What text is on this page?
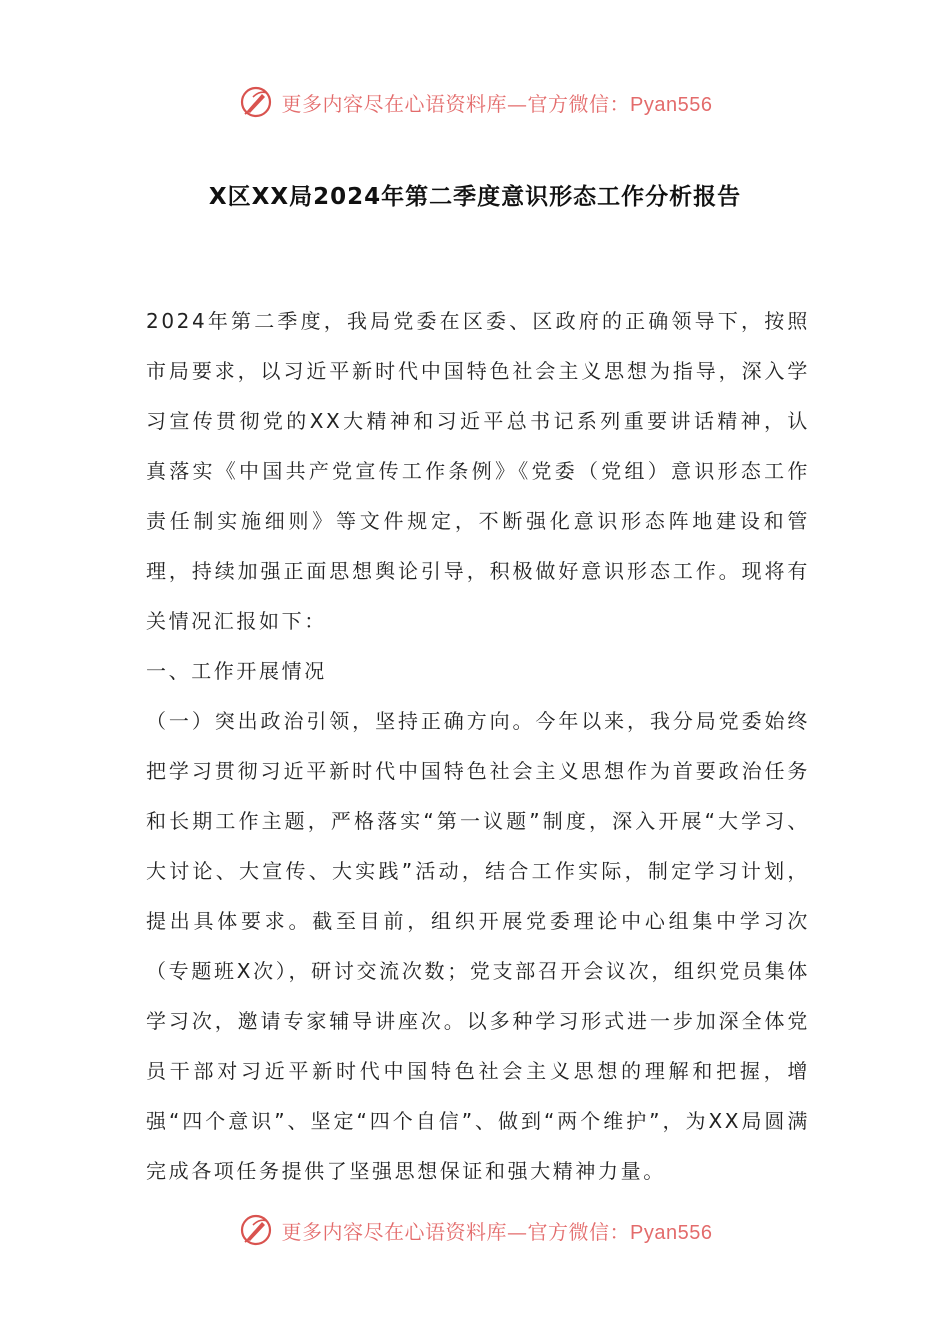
更多内容尽在心语资料库—官方微信：Pyan556
X区XX局2024年第二季度意识形态工作分析报告

2024年第二季度，我局党委在区委、区政府的正确领导下，按照市局要求，以习近平新时代中国特色社会主义思想为指导，深入学习宣传贯彻党的XX大精神和习近平总书记系列重要讲话精神，认真落实《中国共产党宣传工作条例》《党委（党组）意识形态工作责任制实施细则》等文件规定，不断强化意识形态阵地建设和管理，持续加强正面思想舆论引导，积极做好意识形态工作。现将有关情况汇报如下：

一、工作开展情况

（一）突出政治引领，坚持正确方向。今年以来，我分局党委始终把学习贯彻习近平新时代中国特色社会主义思想作为首要政治任务和长期工作主题，严格落实“第一议题”制度，深入开展“大学习、大讨论、大宣传、大实践”活动，结合工作实际，制定学习计划，提出具体要求。截至目前，组织开展党委理论中心组集中学习次（专题班X次），研讨交流次数；党支部召开会议次，组织党员集体学习次，邀请专家辅导讲座次。以多种学习形式进一步加深全体党员干部对习近平新时代中国特色社会主义思想的理解和把握，增强“四个意识”、坚定“四个自信”、做到“两个维护”，为XX局圆满完成各项任务提供了坚强思想保证和强大精神力量。

更多内容尽在心语资料库—官方微信：Pyan556
